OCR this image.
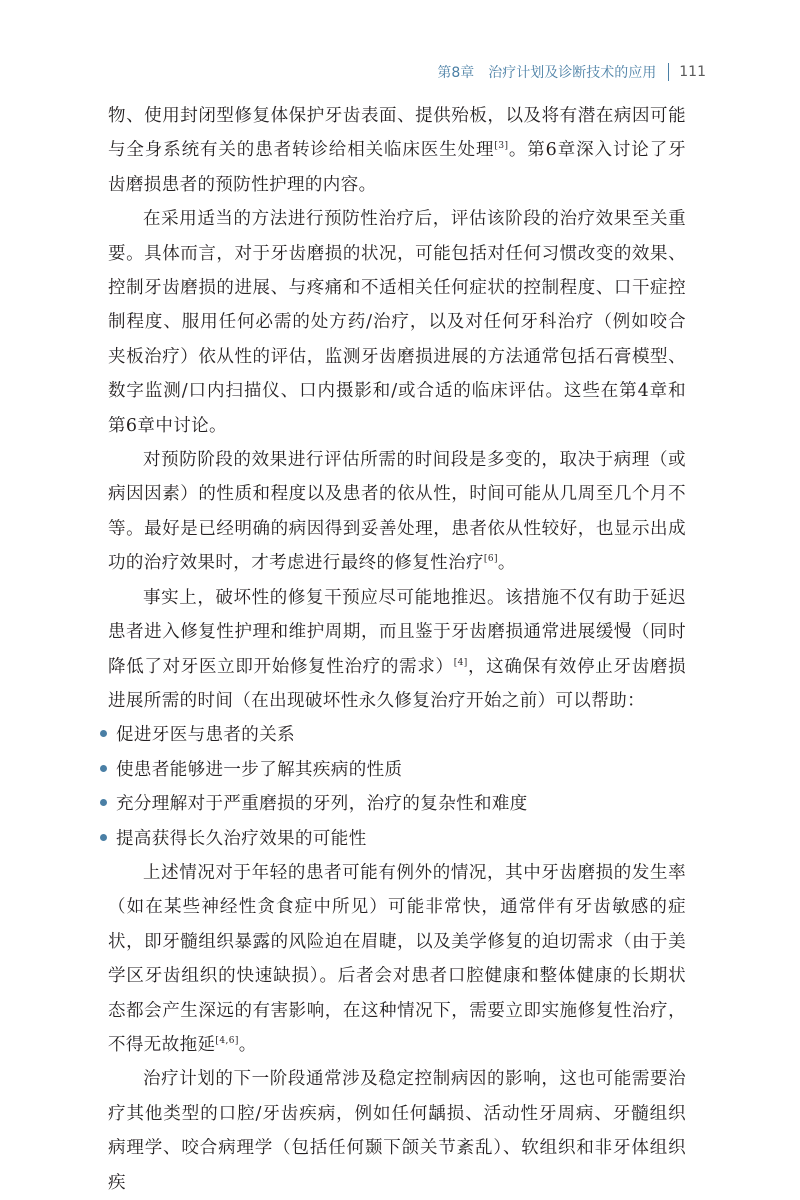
第8章 治疗计划及诊断技术的应用 111

物、使用封闭型修复体保护牙齿表面、提供殆板，以及将有潜在病因可能与全身系统有关的患者转诊给相关临床医生处理[3]。第6章深入讨论了牙齿磨损患者的预防性护理的内容。

在采用适当的方法进行预防性治疗后，评估该阶段的治疗效果至关重要。具体而言，对于牙齿磨损的状况，可能包括对任何习惯改变的效果、控制牙齿磨损的进展、与疼痛和不适相关任何症状的控制程度、口干症控制程度、服用任何必需的处方药/治疗，以及对任何牙科治疗（例如咬合夹板治疗）依从性的评估，监测牙齿磨损进展的方法通常包括石膏模型、数字监测/口内扫描仪、口内摄影和/或合适的临床评估。这些在第4章和第6章中讨论。

对预防阶段的效果进行评估所需的时间段是多变的，取决于病理（或病因因素）的性质和程度以及患者的依从性，时间可能从几周至几个月不等。最好是已经明确的病因得到妥善处理，患者依从性较好，也显示出成功的治疗效果时，才考虑进行最终的修复性治疗[6]。

事实上，破坏性的修复干预应尽可能地推迟。该措施不仅有助于延迟患者进入修复性护理和维护周期，而且鉴于牙齿磨损通常进展缓慢（同时降低了对牙医立即开始修复性治疗的需求）[4]，这确保有效停止牙齿磨损进展所需的时间（在出现破坏性永久修复治疗开始之前）可以帮助：

促进牙医与患者的关系
使患者能够进一步了解其疾病的性质
充分理解对于严重磨损的牙列，治疗的复杂性和难度
提高获得长久治疗效果的可能性

上述情况对于年轻的患者可能有例外的情况，其中牙齿磨损的发生率（如在某些神经性贪食症中所见）可能非常快，通常伴有牙齿敏感的症状，即牙髓组织暴露的风险迫在眉睫，以及美学修复的迫切需求（由于美学区牙齿组织的快速缺损）。后者会对患者口腔健康和整体健康的长期状态都会产生深远的有害影响，在这种情况下，需要立即实施修复性治疗，不得无故拖延[4,6]。

治疗计划的下一阶段通常涉及稳定控制病因的影响，这也可能需要治疗其他类型的口腔/牙齿疾病，例如任何龋损、活动性牙周病、牙髓组织病理学、咬合病理学（包括任何颞下颌关节紊乱）、软组织和非牙体组织疾
